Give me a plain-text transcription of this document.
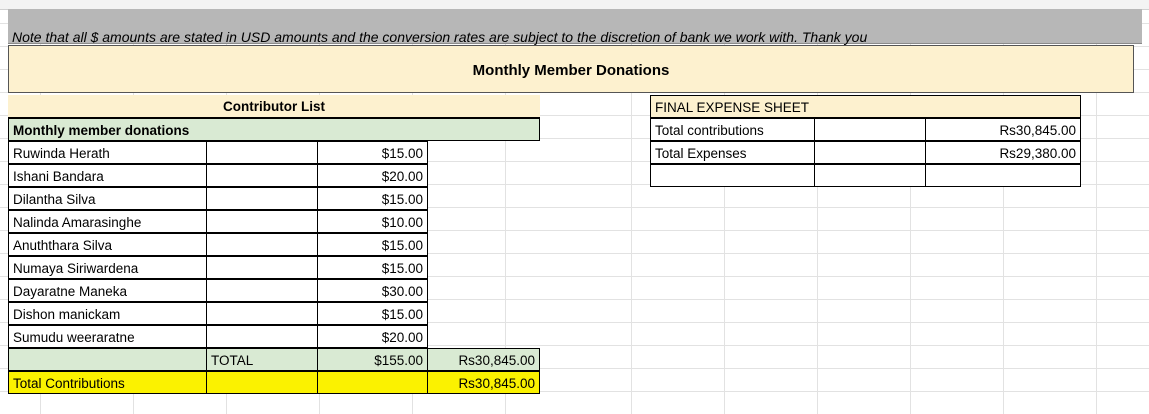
Note that all $ amounts are stated in USD amounts and the conversion rates are subject to the discretion of bank we work with. Thank you
Monthly Member Donations
Contributor List
Monthly member donations
Ruwinda Herath	$15.00
Ishani Bandara	$20.00
Dilantha Silva	$15.00
Nalinda Amarasinghe	$10.00
Anuththara Silva	$15.00
Numaya Siriwardena	$15.00
Dayaratne Maneka	$30.00
Dishon manickam	$15.00
Sumudu weeraratne	$20.00
TOTAL	$155.00	Rs30,845.00
Total Contributions	Rs30,845.00
FINAL EXPENSE SHEET
Total contributions	Rs30,845.00
Total Expenses	Rs29,380.00
